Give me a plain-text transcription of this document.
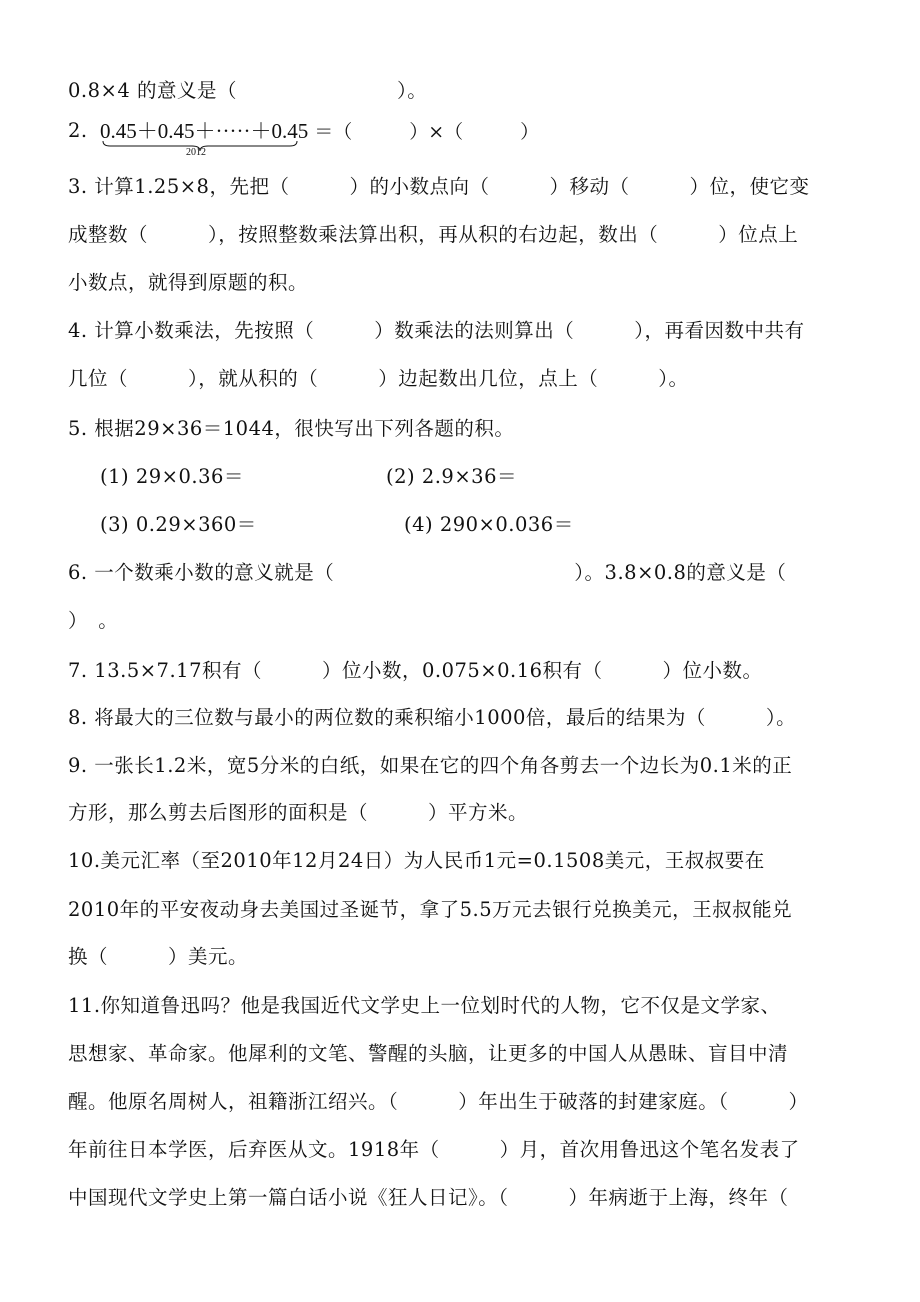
0.8×4 的意义是（　　　　　　　　）。
2. 0.45＋0.45＋·····＋0.45 ＝（　　　）×（　　　）
2012
3. 计算1.25×8，先把（　　　）的小数点向（　　　）移动（　　　）位，使它变
成整数（　　　），按照整数乘法算出积，再从积的右边起，数出（　　　）位点上
小数点，就得到原题的积。
4. 计算小数乘法，先按照（　　　）数乘法的法则算出（　　　），再看因数中共有
几位（　　　），就从积的（　　　）边起数出几位，点上（　　　）。
5. 根据29×36＝1044，很快写出下列各题的积。
(1) 29×0.36＝	(2) 2.9×36＝
(3) 0.29×360＝	(4) 290×0.036＝
6. 一个数乘小数的意义就是（　　　　　　　　　　　　）。3.8×0.8的意义是（
）　。
7. 13.5×7.17积有（　　　）位小数，0.075×0.16积有（　　　）位小数。
8. 将最大的三位数与最小的两位数的乘积缩小1000倍，最后的结果为（　　　）。
9. 一张长1.2米，宽5分米的白纸，如果在它的四个角各剪去一个边长为0.1米的正
方形，那么剪去后图形的面积是（　　　）平方米。
10.美元汇率（至2010年12月24日）为人民币1元=0.1508美元，王叔叔要在
2010年的平安夜动身去美国过圣诞节，拿了5.5万元去银行兑换美元，王叔叔能兑
换（　　　）美元。
11.你知道鲁迅吗？他是我国近代文学史上一位划时代的人物，它不仅是文学家、
思想家、革命家。他犀利的文笔、警醒的头脑，让更多的中国人从愚昧、盲目中清
醒。他原名周树人，祖籍浙江绍兴。（　　　）年出生于破落的封建家庭。（　　　）
年前往日本学医，后弃医从文。1918年（　　　）月，首次用鲁迅这个笔名发表了
中国现代文学史上第一篇白话小说《狂人日记》。（　　　）年病逝于上海，终年（
